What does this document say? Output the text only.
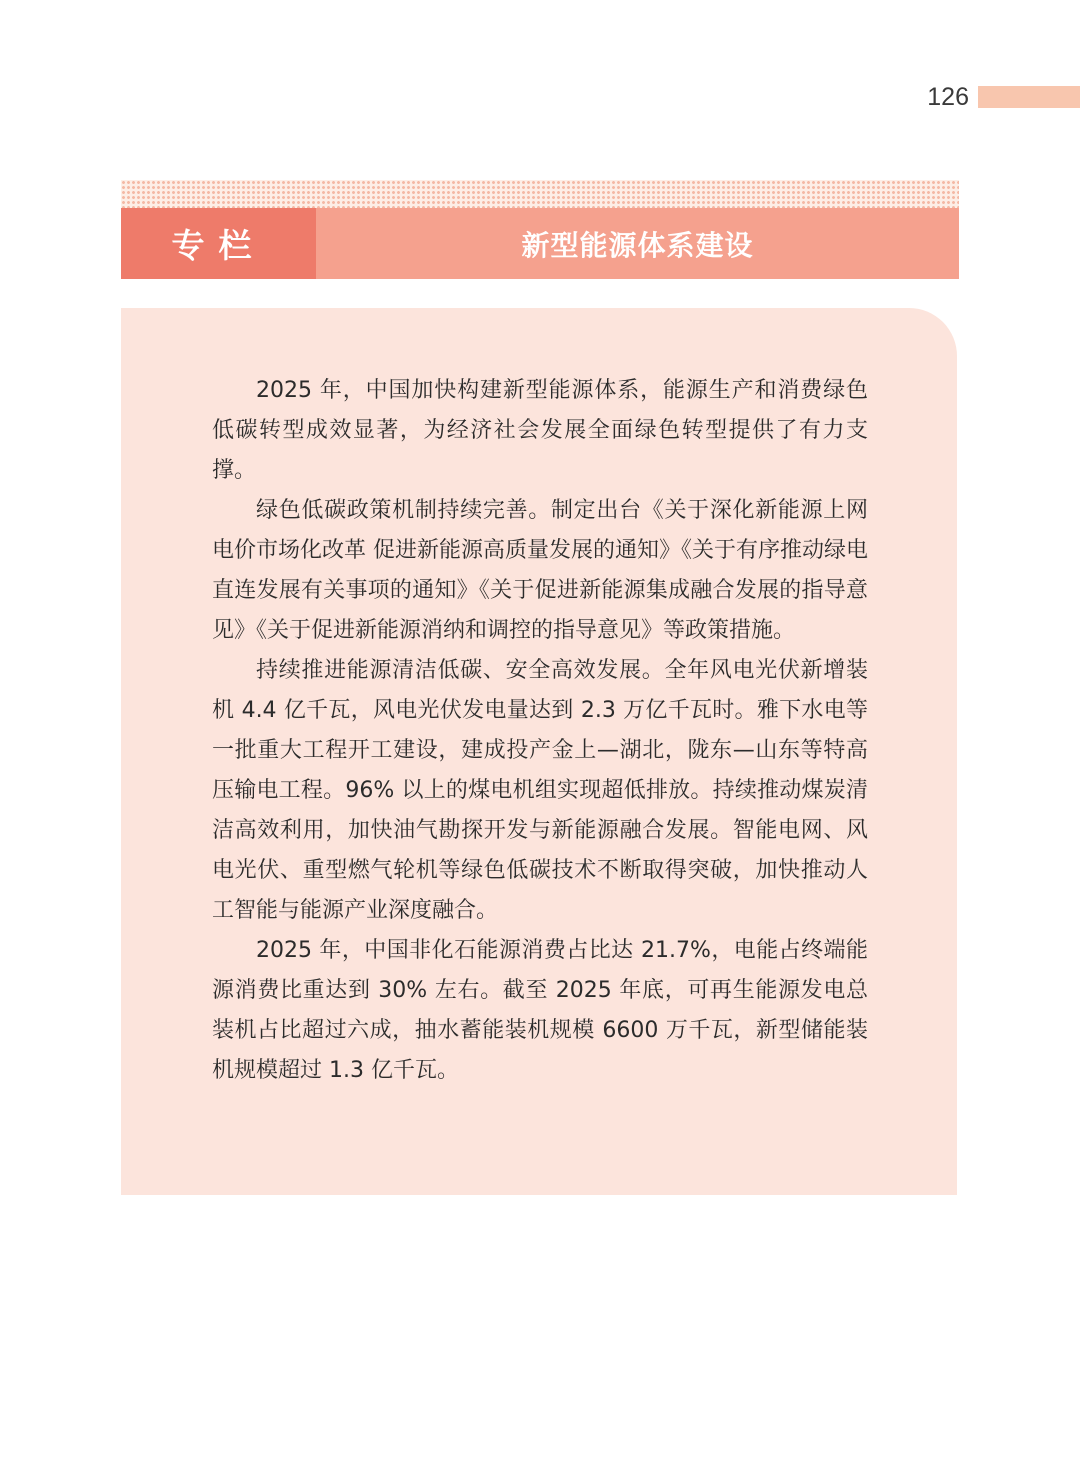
126
专栏	新型能源体系建设

2025 年，中国加快构建新型能源体系，能源生产和消费绿色低碳转型成效显著，为经济社会发展全面绿色转型提供了有力支撑。

绿色低碳政策机制持续完善。制定出台《关于深化新能源上网电价市场化改革 促进新能源高质量发展的通知》《关于有序推动绿电直连发展有关事项的通知》《关于促进新能源集成融合发展的指导意见》《关于促进新能源消纳和调控的指导意见》等政策措施。

持续推进能源清洁低碳、安全高效发展。全年风电光伏新增装机 4.4 亿千瓦，风电光伏发电量达到 2.3 万亿千瓦时。雅下水电等一批重大工程开工建设，建成投产金上—湖北，陇东—山东等特高压输电工程。96% 以上的煤电机组实现超低排放。持续推动煤炭清洁高效利用，加快油气勘探开发与新能源融合发展。智能电网、风电光伏、重型燃气轮机等绿色低碳技术不断取得突破，加快推动人工智能与能源产业深度融合。

2025 年，中国非化石能源消费占比达 21.7%，电能占终端能源消费比重达到 30% 左右。截至 2025 年底，可再生能源发电总装机占比超过六成，抽水蓄能装机规模 6600 万千瓦，新型储能装机规模超过 1.3 亿千瓦。
